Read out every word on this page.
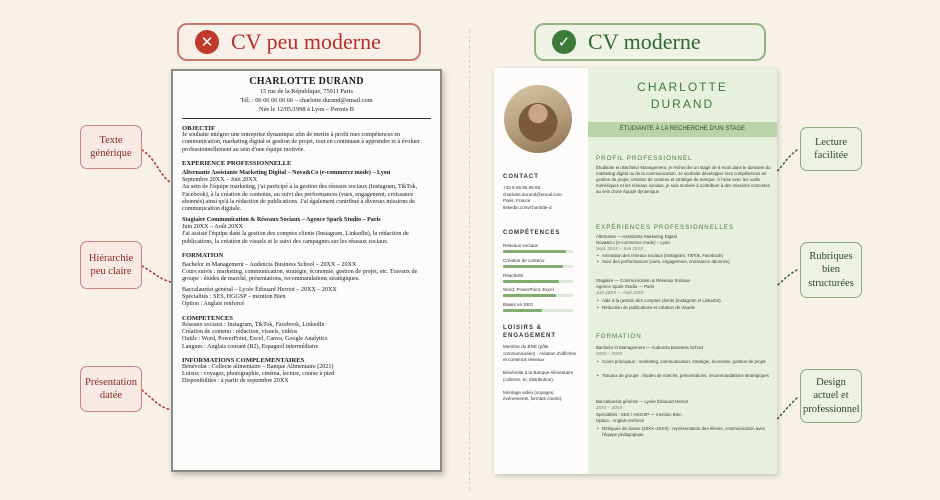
✕ CV peu moderne	✓ CV moderne
Texte générique
Hiérarchie peu claire
Présentation datée
Lecture facilitée
Rubriques bien structurées
Design actuel et professionnel
CHARLOTTE DURAND
15 rue de la République, 75011 Paris
Tél. : 06 66 66 66 66 – charlotte.durand@email.com
Née le 12/05/1998 à Lyon – Permis B
OBJECTIF
Je souhaite intégrer une entreprise dynamique afin de mettre à profit mes compétences en communication, marketing digital et gestion de projet, tout en continuant à apprendre et à évoluer professionnellement au sein d'une équipe motivée.
EXPERIENCE PROFESSIONNELLE
Alternante Assistante Marketing Digital – Nova&Co (e-commerce mode) – Lyon
Septembre 20XX – Juin 20XX
Au sein de l'équipe marketing, j'ai participé à la gestion des réseaux sociaux (Instagram, TikTok, Facebook), à la création de contenus, au suivi des performances (vues, engagement, croissance abonnés) ainsi qu'à la rédaction de publications. J'ai également contribué à diverses missions de communication digitale.
Stagiaire Communication & Réseaux Sociaux – Agence Spark Studio – Paris
Juin 20XX – Août 20XX
J'ai assisté l'équipe dans la gestion des comptes clients (Instagram, LinkedIn), la rédaction de publications, la création de visuels et le suivi des campagnes sur les réseaux sociaux.
FORMATION
Bachelor in Management – Audencia Business School – 20XX – 20XX
Cours suivis : marketing, communication, stratégie, économie, gestion de projet, etc. Travaux de groupe : études de marché, présentations, recommandations stratégiques.
Baccalauréat général – Lycée Édouard Herriot – 20XX – 20XX
Spécialités : SES, HGGSP – mention Bien
Option : Anglais renforcé
COMPETENCES
Réseaux sociaux : Instagram, TikTok, Facebook, LinkedIn
Création de contenu : rédaction, visuels, vidéos
Outils : Word, PowerPoint, Excel, Canva, Google Analytics
Langues : Anglais courant (B2), Espagnol intermédiaire
INFORMATIONS COMPLEMENTAIRES
Bénévolat : Collecte alimentaire – Banque Alimentaire (2021)
Loisirs : voyages, photographie, cinéma, lecture, course à pied
Disponibilités : à partir de septembre 20XX
CONTACT
+33 6 66 66 66 66
charlotte.durand@email.com
Paris, France
linkedin.com/charlotte-d
COMPÉTENCES
Réseaux sociaux
Création de contenu
Réactivité
Word, PowerPoint, Excel
Bases en SEO
LOISIRS & ENGAGEMENT
Membre du BDE (pôle communication) : création d'affiches et contenus réseaux

Bénévolat à la Banque Alimentaire (collecte, tri, distribution).

Montage vidéo (voyages, événements, formats courts).
CHARLOTTE
DURAND
ÉTUDIANTE À LA RECHERCHE D'UN STAGE
PROFIL PROFESSIONNEL
Étudiante en Bachelor Management, je recherche un stage de 6 mois dans le domaine du marketing digital ou de la communication. Je souhaite développer mes compétences en gestion de projet, création de contenu et stratégie de marque. À l'aise avec les outils numériques et les réseaux sociaux, je suis motivée à contribuer à des missions concrètes au sein d'une équipe dynamique.
EXPÉRIENCES PROFESSIONNELLES
Alternante — Assistante Marketing Digital
Nova&Co (e-commerce mode) – Lyon
Sept. 20XX – Juin 20XX
• Animation des réseaux sociaux (Instagram, TikTok, Facebook)
• Suivi des performances (vues, engagement, croissance abonnés)
Stagiaire — Communication & Réseaux Sociaux
Agence Spark Studio — Paris
Juin 20XX — Août 20XX
• Aide à la gestion des comptes clients (Instagram et LinkedIn)
• Réduction de publications et création de visuels
FORMATION
Bachelor in Management — Audencia Business School
20XX – 20XX
• Cours principaux : marketing, communication, stratégie, économie, gestion de projet
• Travaux de groupe : études de marché, présentations, recommandations stratégiques
Baccalauréat général — Lycée Édouard Herriot
20XX – 20XX
Spécialités : SES / HGGSP — mention Bien
Option : Anglais renforcé
• Déléguée de classe (20XX–20XX) : représentation des élèves, communication avec l'équipe pédagogique
